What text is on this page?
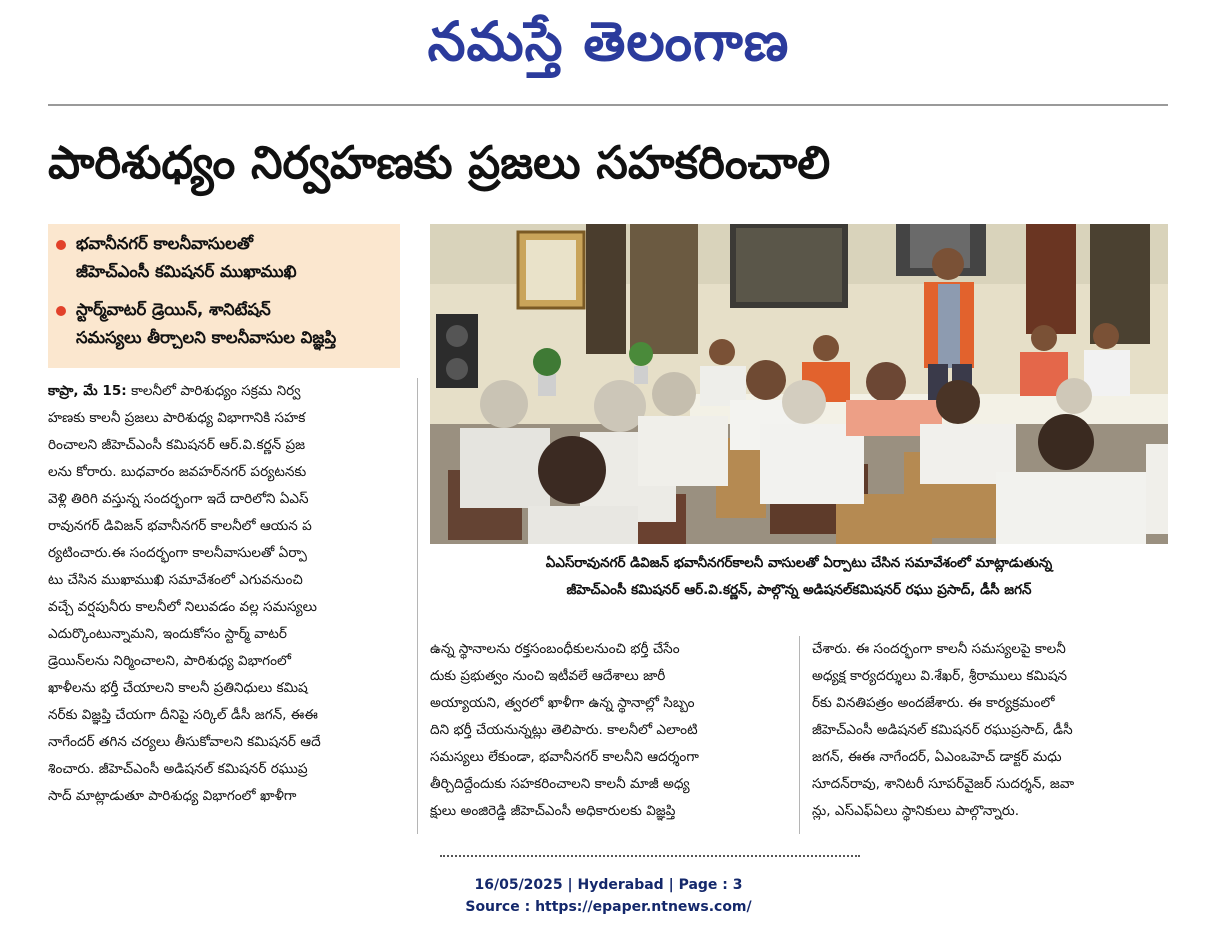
నమస్తే తెలంగాణ
పారిశుధ్యం నిర్వహణకు ప్రజలు సహకరించాలి
భవానీనగర్ కాలనీవాసులతో
జీహెచ్ఎంసీ కమిషనర్ ముఖాముఖి
స్టార్మ్‌వాటర్ డ్రెయిన్, శానిటేషన్
సమస్యలు తీర్చాలని కాలనీవాసుల విజ్ఞప్తి
ఏఎస్‌రావునగర్ డివిజన్ భవానీనగర్‌కాలనీ వాసులతో ఏర్పాటు చేసిన సమావేశంలో మాట్లాడుతున్న
జీహెచ్ఎంసీ కమిషనర్ ఆర్.వి.కర్ణన్, పాల్గొన్న అడిషనల్‌కమిషనర్ రఘు ప్రసాద్, డీసీ జగన్
కాప్రా, మే 15: కాలనీలో పారిశుధ్యం సక్రమ నిర్వ
హణకు కాలనీ ప్రజలు పారిశుధ్య విభాగానికి సహక
రించాలని జీహెచ్ఎంసీ కమిషనర్ ఆర్.వి.కర్ణన్ ప్రజ
లను కోరారు. బుధవారం జవహర్‌నగర్ పర్యటనకు
వెళ్లి తిరిగి వస్తున్న సందర్భంగా ఇదే దారిలోని ఏఎస్
రావునగర్ డివిజన్ భవానీనగర్ కాలనీలో ఆయన ప
ర్యటించారు.ఈ సందర్భంగా కాలనీవాసులతో ఏర్పా
టు చేసిన ముఖాముఖి సమావేశంలో ఎగువనుంచి
వచ్చే వర్షపునీరు కాలనీలో నిలువడం వల్ల సమస్యలు
ఎదుర్కొంటున్నామని, ఇందుకోసం స్టార్మ్ వాటర్
డ్రెయిన్‌లను నిర్మించాలని, పారిశుధ్య విభాగంలో
ఖాళీలను భర్తీ చేయాలని కాలనీ ప్రతినిధులు కమిష
నర్‌కు విజ్ఞప్తి చేయగా దీనిపై సర్కిల్ డీసీ జగన్, ఈఈ
నాగేందర్ తగిన చర్యలు తీసుకోవాలని కమిషనర్ ఆదే
శించారు. జీహెచ్ఎంసీ అడిషనల్ కమిషనర్ రఘుప్ర
సాద్ మాట్లాడుతూ పారిశుధ్య విభాగంలో ఖాళీగా
ఉన్న స్థానాలను రక్తసంబంధీకులనుంచి భర్తీ చేసేం
దుకు ప్రభుత్వం నుంచి ఇటీవలే ఆదేశాలు జారీ
అయ్యాయని, త్వరలో ఖాళీగా ఉన్న స్థానాల్లో సిబ్బం
దిని భర్తీ చేయనున్నట్లు తెలిపారు. కాలనీలో ఎలాంటి
సమస్యలు లేకుండా, భవానీనగర్ కాలనీని ఆదర్శంగా
తీర్చిదిద్దేందుకు సహకరించాలని కాలనీ మాజీ అధ్య
క్షులు అంజిరెడ్డి జీహెచ్ఎంసీ అధికారులకు విజ్ఞప్తి
చేశారు. ఈ సందర్భంగా కాలనీ సమస్యలపై కాలనీ
అధ్యక్ష కార్యదర్శులు వి.శేఖర్, శ్రీరాములు కమిషన
ర్‌కు వినతిపత్రం అందజేశారు. ఈ కార్యక్రమంలో
జీహెచ్ఎంసీ అడిషనల్ కమిషనర్ రఘుప్రసాద్, డీసీ
జగన్, ఈఈ నాగేందర్, ఏఎంఒహెచ్ డాక్టర్ మధు
సూదన్‌రావు, శానిటరీ సూపర్‌వైజర్ సుదర్శన్, జవా
న్లు, ఎస్ఎఫ్ఏలు స్థానికులు పాల్గొన్నారు.
16/05/2025 | Hyderabad | Page : 3
Source : https://epaper.ntnews.com/
